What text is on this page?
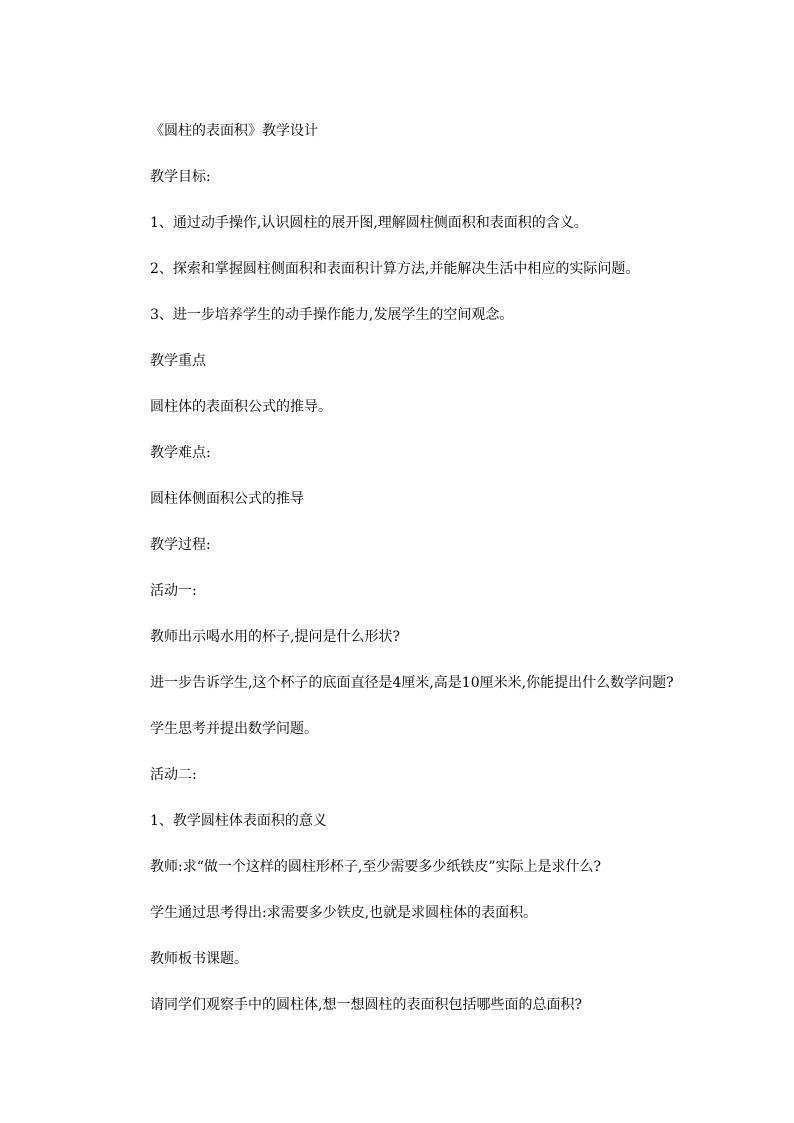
《圆柱的表面积》教学设计
教学目标:
1、通过动手操作,认识圆柱的展开图,理解圆柱侧面积和表面积的含义。
2、探索和掌握圆柱侧面积和表面积计算方法,并能解决生活中相应的实际问题。
3、进一步培养学生的动手操作能力,发展学生的空间观念。
教学重点
圆柱体的表面积公式的推导。
教学难点:
圆柱体侧面积公式的推导
教学过程:
活动一:
教师出示喝水用的杯子,提问是什么形状?
进一步告诉学生,这个杯子的底面直径是4厘米,高是10厘米米,你能提出什么数学问题?
学生思考并提出数学问题。
活动二:
1、教学圆柱体表面积的意义
教师:求“做一个这样的圆柱形杯子,至少需要多少纸铁皮”实际上是求什么?
学生通过思考得出:求需要多少铁皮,也就是求圆柱体的表面积。
教师板书课题。
请同学们观察手中的圆柱体,想一想圆柱的表面积包括哪些面的总面积?
